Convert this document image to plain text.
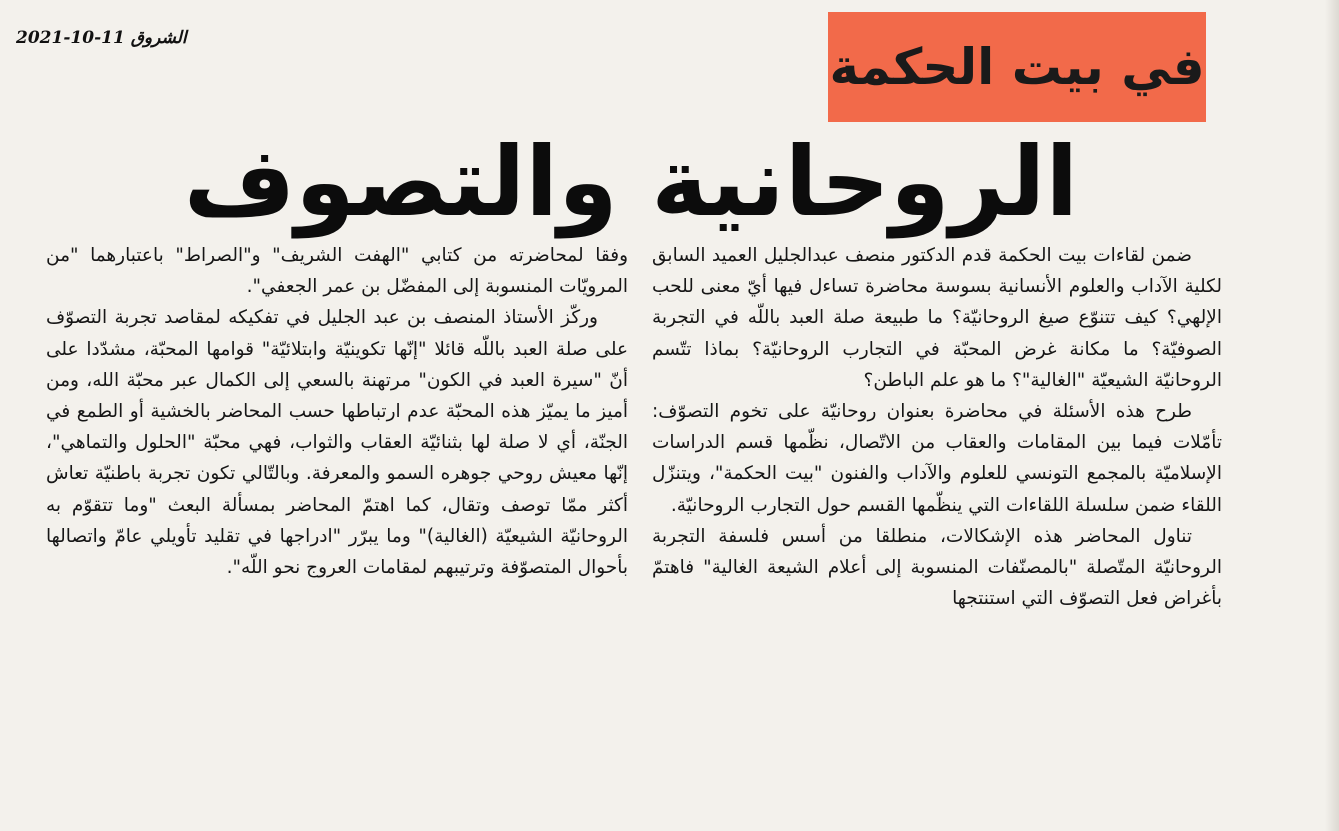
الشروق 11-10-2021	في بيت الحكمة
الروحانية والتصوف

ضمن لقاءات بيت الحكمة قدم الدكتور منصف عبدالجليل العميد السابق لكلية الآداب والعلوم الأنسانية بسوسة محاضرة تساءل فيها أيّ معنى للحب الإلهي؟ كيف تتنوّع صيغ الروحانيّة؟ ما طبيعة صلة العبد باللّه في التجربة الصوفيّة؟ ما مكانة غرض المحبّة في التجارب الروحانيّة؟ بماذا تتّسم الروحانيّة الشيعيّة "الغالية"؟ ما هو علم الباطن؟

طرح هذه الأسئلة في محاضرة بعنوان روحانيّة على تخوم التصوّف: تأمّلات فيما بين المقامات والعقاب من الاتّصال، نظّمها قسم الدراسات الإسلاميّة بالمجمع التونسي للعلوم والآداب والفنون "بيت الحكمة"، ويتنزّل اللقاء ضمن سلسلة اللقاءات التي ينظّمها القسم حول التجارب الروحانيّة.

تناول المحاضر هذه الإشكالات، منطلقا من أسس فلسفة التجربة الروحانيّة المتّصلة "بالمصنّفات المنسوبة إلى أعلام الشيعة الغالية" فاهتمّ بأغراض فعل التصوّف التي استنتجها

وفقا لمحاضرته من كتابي "الهفت الشريف" و"الصراط" باعتبارهما "من المرويّات المنسوبة إلى المفضّل بن عمر الجعفي".

وركّز الأستاذ المنصف بن عبد الجليل في تفكيكه لمقاصد تجربة التصوّف على صلة العبد باللّه قائلا "إنّها تكوينيّة وابتلائيّة" قوامها المحبّة، مشدّدا على أنّ "سيرة العبد في الكون" مرتهنة بالسعي إلى الكمال عبر محبّة الله، ومن أميز ما يميّز هذه المحبّة عدم ارتباطها حسب المحاضر بالخشية أو الطمع في الجنّة، أي لا صلة لها بثنائيّة العقاب والثواب، فهي محبّة "الحلول والتماهي"، إنّها معيش روحي جوهره السمو والمعرفة. وبالتّالي تكون تجربة باطنيّة تعاش أكثر ممّا توصف وتقال، كما اهتمّ المحاضر بمسألة البعث "وما تتقوّم به الروحانيّة الشيعيّة (الغالية)" وما يبرّر "ادراجها في تقليد تأويلي عامّ واتصالها بأحوال المتصوّفة وترتيبهم لمقامات العروج نحو اللّه".
